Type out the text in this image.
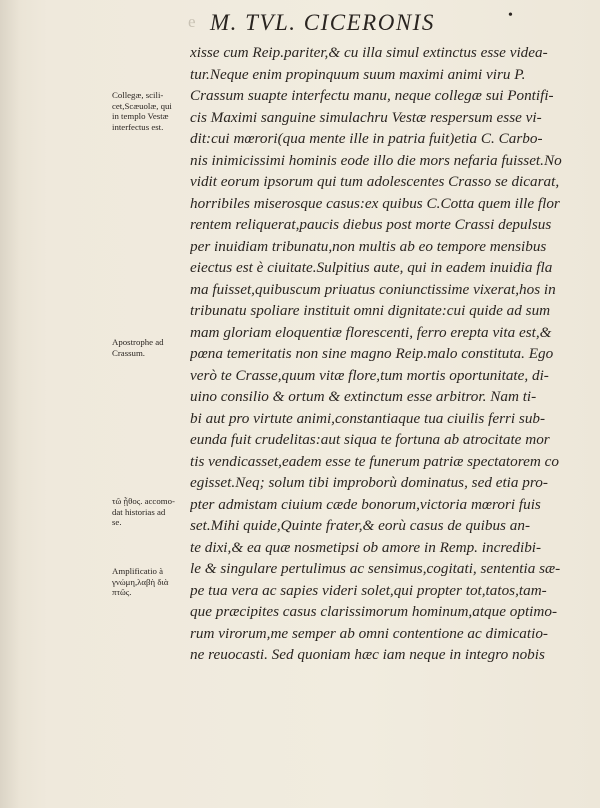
e M. TVL. CICERONIS	•
Collegæ, scili-
cet,Scæuolæ, qui
in templo Vestæ
interfectus est.
Apostrophe ad
Crassum.
τῶ ᾖθος. accomo-
dat historias ad
se.
Amplificatio à
γνώμη,λαβὴ διὰ
πτῶς.
xisse cum Reip.pariter,& cu illa simul extinctus esse videa-
tur.Neque enim propinquum suum maximi animi viru P.
Crassum suapte interfectu manu, neque collegæ sui Pontifi-
cis Maximi sanguine simulachru Vestæ respersum esse vi-
dit:cui mœrori(qua mente ille in patria fuit)etia C. Carbo-
nis inimicissimi hominis eode illo die mors nefaria fuisset.No
vidit eorum ipsorum qui tum adolescentes Crasso se dicarat,
horribiles miserosque casus:ex quibus C.Cotta quem ille flor
rentem reliquerat,paucis diebus post morte Crassi depulsus
per inuidiam tribunatu,non multis ab eo tempore mensibus
eiectus est è ciuitate.Sulpitius aute, qui in eadem inuidia fla
ma fuisset,quibuscum priuatus coniunctissime vixerat,hos in
tribunatu spoliare instituit omni dignitate:cui quide ad sum
mam gloriam eloquentiæ florescenti, ferro erepta vita est,&
pœna temeritatis non sine magno Reip.malo constituta. Ego
verò te Crasse,quum vitæ flore,tum mortis oportunitate, di-
uino consilio & ortum & extinctum esse arbitror. Nam ti-
bi aut pro virtute animi,constantiaque tua ciuilis ferri sub-
eunda fuit crudelitas:aut siqua te fortuna ab atrocitate mor
tis vendicasset,eadem esse te funerum patriæ spectatorem co
egisset.Neq; solum tibi improborù dominatus, sed etia pro-
pter admistam ciuium cæde bonorum,victoria mœrori fuis
set.Mihi quide,Quinte frater,& eorù casus de quibus an-
te dixi,& ea quæ nosmetipsi ob amore in Remp. incredibi-
le & singulare pertulimus ac sensimus,cogitati, sententia sæ-
pe tua vera ac sapies videri solet,qui propter tot,tatos,tam-
que præcipites casus clarissimorum hominum,atque optimo-
rum virorum,me semper ab omni contentione ac dimicatio-
ne reuocasti. Sed quoniam hæc iam neque in integro nobis
